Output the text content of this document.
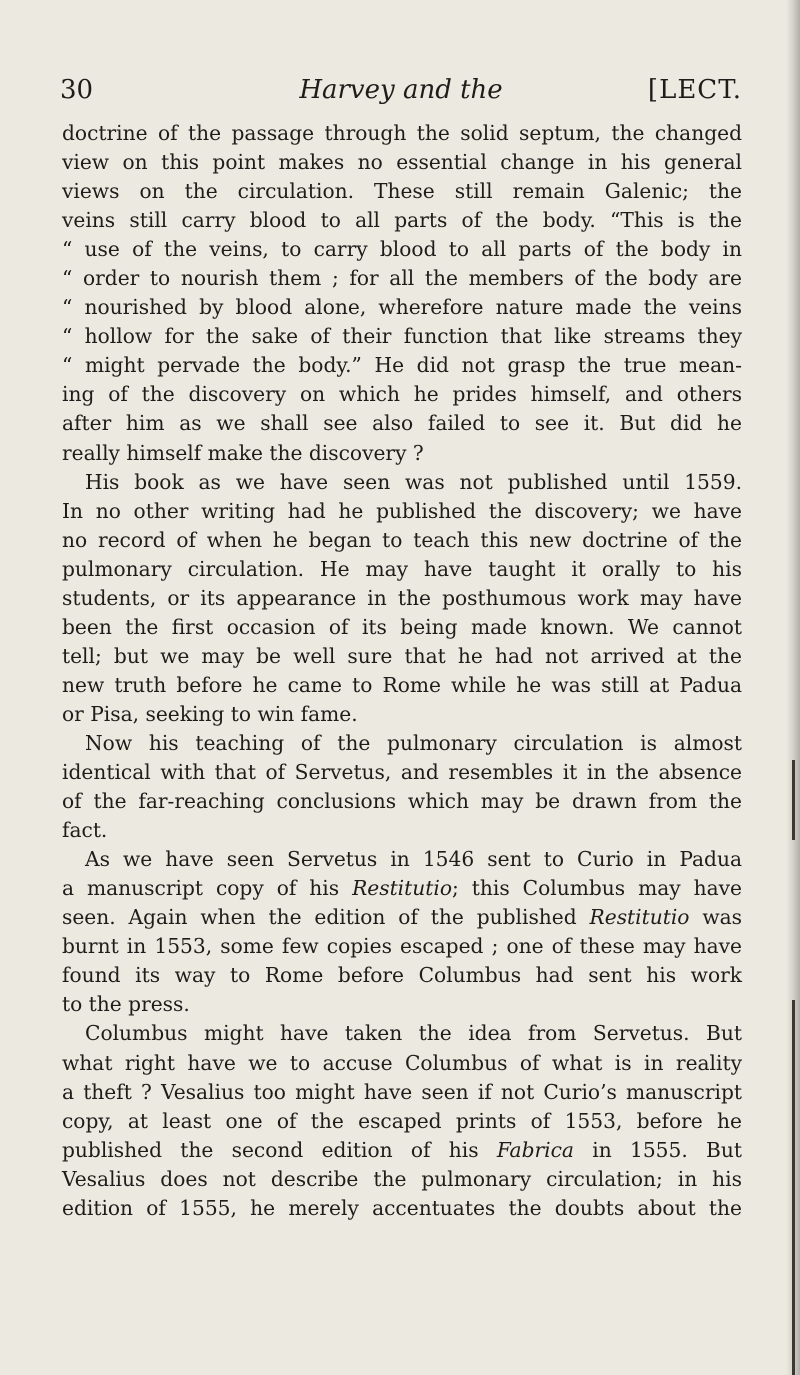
30	Harvey and the	[LECT.
doctrine of the passage through the solid septum, the changed
view on this point makes no essential change in his general
views on the circulation. These still remain Galenic; the
veins still carry blood to all parts of the body. “This is the
“ use of the veins, to carry blood to all parts of the body in
“ order to nourish them ; for all the members of the body are
“ nourished by blood alone, wherefore nature made the veins
“ hollow for the sake of their function that like streams they
“ might pervade the body.” He did not grasp the true mean-
ing of the discovery on which he prides himself, and others
after him as we shall see also failed to see it. But did he
really himself make the discovery ?
His book as we have seen was not published until 1559.
In no other writing had he published the discovery; we have
no record of when he began to teach this new doctrine of the
pulmonary circulation. He may have taught it orally to his
students, or its appearance in the posthumous work may have
been the first occasion of its being made known. We cannot
tell; but we may be well sure that he had not arrived at the
new truth before he came to Rome while he was still at Padua
or Pisa, seeking to win fame.
Now his teaching of the pulmonary circulation is almost
identical with that of Servetus, and resembles it in the absence
of the far-reaching conclusions which may be drawn from the
fact.
As we have seen Servetus in 1546 sent to Curio in Padua
a manuscript copy of his Restitutio; this Columbus may have
seen. Again when the edition of the published Restitutio was
burnt in 1553, some few copies escaped ; one of these may have
found its way to Rome before Columbus had sent his work
to the press.
Columbus might have taken the idea from Servetus. But
what right have we to accuse Columbus of what is in reality
a theft ? Vesalius too might have seen if not Curio’s manuscript
copy, at least one of the escaped prints of 1553, before he
published the second edition of his Fabrica in 1555. But
Vesalius does not describe the pulmonary circulation; in his
edition of 1555, he merely accentuates the doubts about the
